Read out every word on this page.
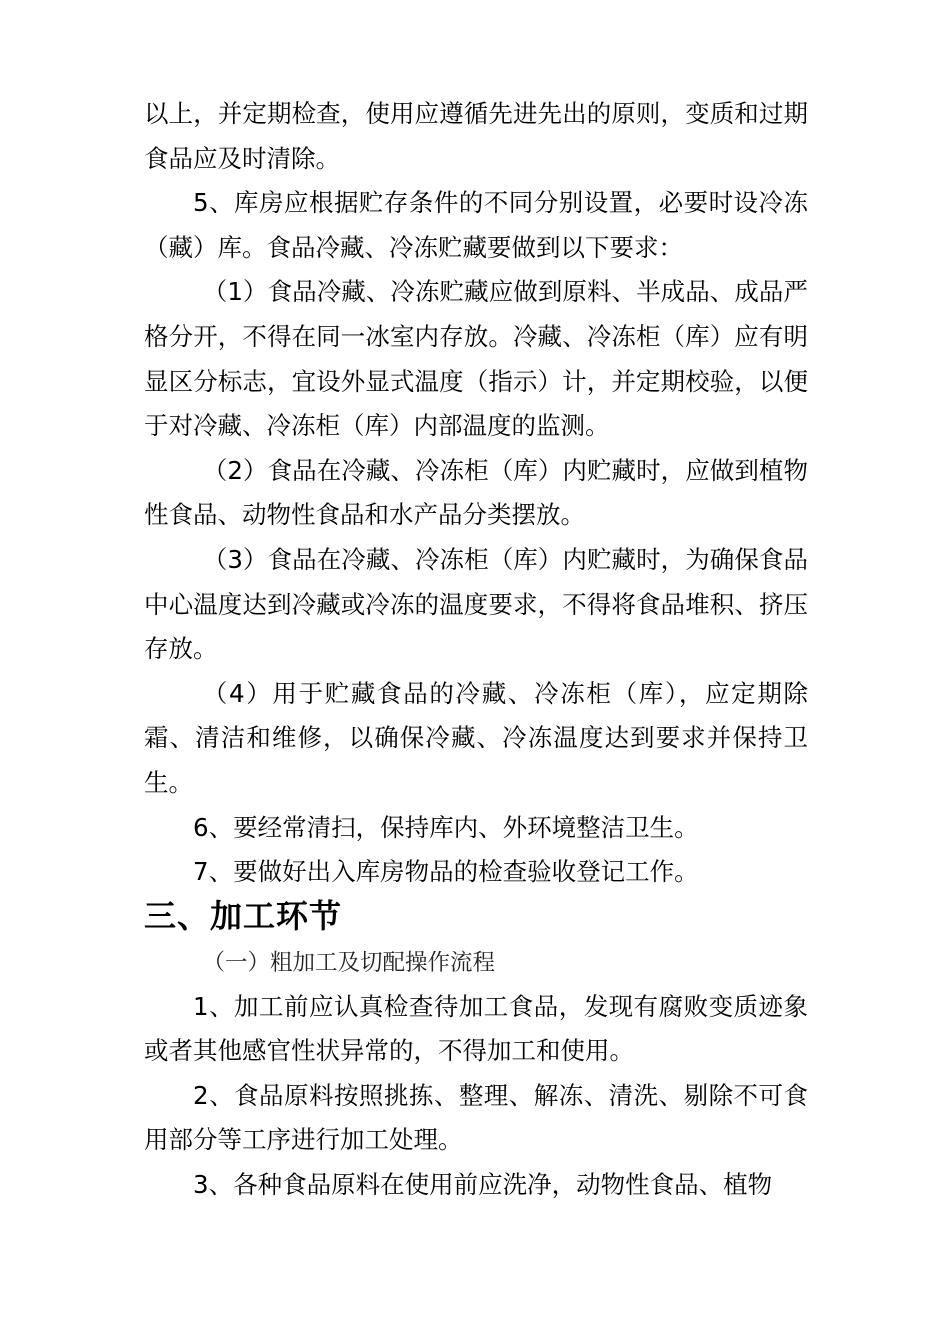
以上，并定期检查，使用应遵循先进先出的原则，变质和过期食品应及时清除。

5、库房应根据贮存条件的不同分别设置，必要时设冷冻（藏）库。食品冷藏、冷冻贮藏要做到以下要求：

（1）食品冷藏、冷冻贮藏应做到原料、半成品、成品严格分开，不得在同一冰室内存放。冷藏、冷冻柜（库）应有明显区分标志，宜设外显式温度（指示）计，并定期校验，以便于对冷藏、冷冻柜（库）内部温度的监测。

（2）食品在冷藏、冷冻柜（库）内贮藏时，应做到植物性食品、动物性食品和水产品分类摆放。

（3）食品在冷藏、冷冻柜（库）内贮藏时，为确保食品中心温度达到冷藏或冷冻的温度要求，不得将食品堆积、挤压存放。

（4）用于贮藏食品的冷藏、冷冻柜（库），应定期除霜、清洁和维修，以确保冷藏、冷冻温度达到要求并保持卫生。

6、要经常清扫，保持库内、外环境整洁卫生。

7、要做好出入库房物品的检查验收登记工作。

三、加工环节

（一）粗加工及切配操作流程

1、加工前应认真检查待加工食品，发现有腐败变质迹象或者其他感官性状异常的，不得加工和使用。

2、食品原料按照挑拣、整理、解冻、清洗、剔除不可食用部分等工序进行加工处理。

3、各种食品原料在使用前应洗净，动物性食品、植物
